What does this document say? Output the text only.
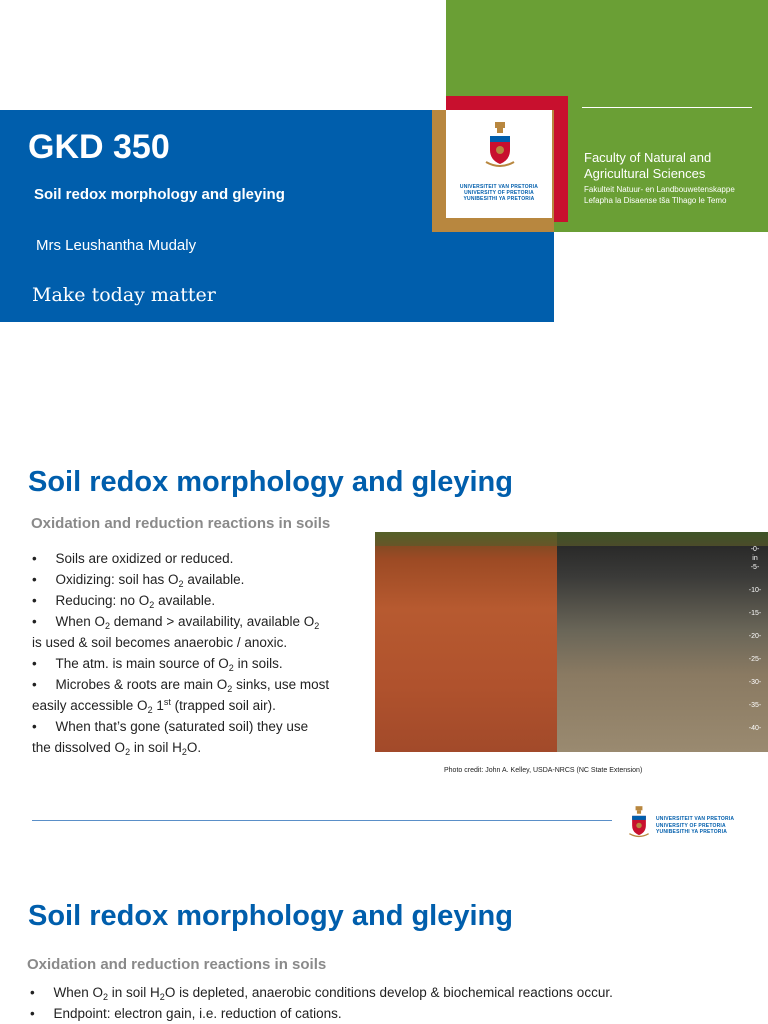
Faculty of Natural and Agricultural Sciences
Fakulteit Natuur- en Landbouwetenskappe
Lefapha la Disaense tša Tlhago le Temo
GKD 350
Soil redox morphology and gleying
Mrs Leushantha Mudaly
Make today matter
UNIVERSITEIT VAN PRETORIA
UNIVERSITY OF PRETORIA
YUNIBESITHI YA PRETORIA
Soil redox morphology and gleying
Oxidation and reduction reactions in soils
•     Soils are oxidized or reduced.
•     Oxidizing: soil has $O_2$ available.
•     Reducing: no $O_2$ available.
•     When $O_2$ demand > availability, available $O_2$
is used & soil becomes anaerobic / anoxic.
•     The atm. is main source of $O_2$ in soils.
•     Microbes & roots are main $O_2$ sinks, use most
easily accessible $O_2$ 1st (trapped soil air).
•     When that’s gone (saturated soil) they use
the dissolved $O_2$ in soil $H_2O$.
-0-
in
-5-
-10-
-15-
-20-
-25-
-30-
-35-
-40-
Photo credit: John A. Kelley, USDA-NRCS (NC State Extension)
UNIVERSITEIT VAN PRETORIA
UNIVERSITY OF PRETORIA
YUNIBESITHI YA PRETORIA
Soil redox morphology and gleying
Oxidation and reduction reactions in soils
•     When $O_2$ in soil $H_2O$ is depleted, anaerobic conditions develop & biochemical reactions occur.
•     Endpoint: electron gain, i.e. reduction of cations.
